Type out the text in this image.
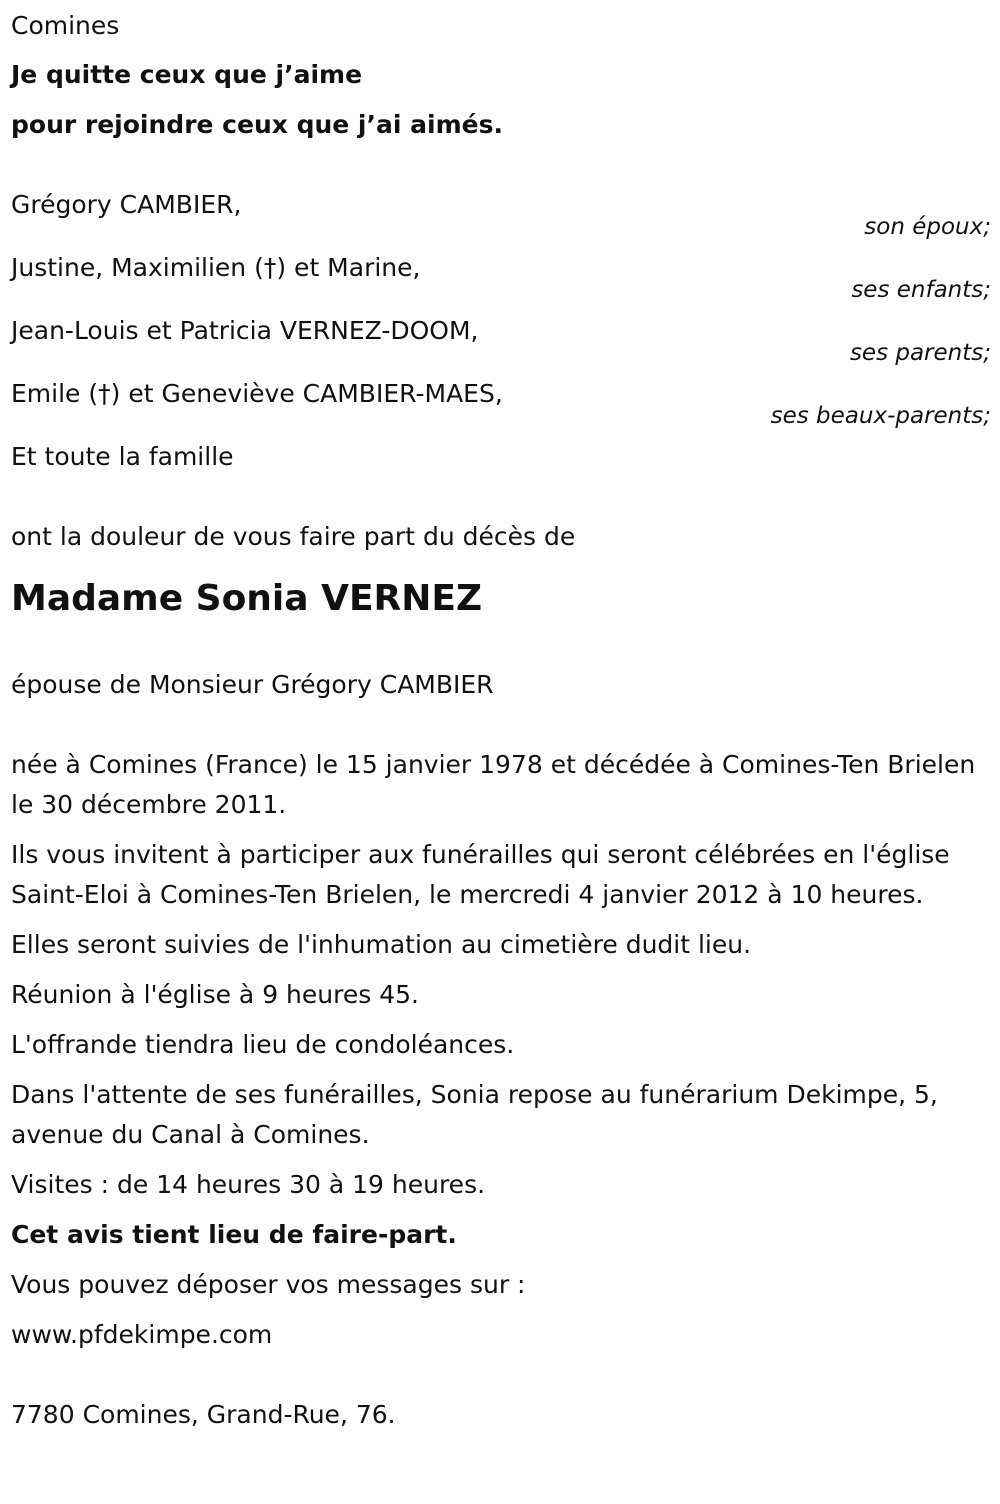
Comines
Je quitte ceux que j’aime
pour rejoindre ceux que j’ai aimés.
Grégory CAMBIER,
son époux;
Justine, Maximilien (†) et Marine,
ses enfants;
Jean-Louis et Patricia VERNEZ-DOOM,
ses parents;
Emile (†) et Geneviève CAMBIER-MAES,
ses beaux-parents;
Et toute la famille
ont la douleur de vous faire part du décès de
Madame Sonia VERNEZ
épouse de Monsieur Grégory CAMBIER
née à Comines (France) le 15 janvier 1978 et décédée à Comines-Ten Brielen le 30 décembre 2011.
Ils vous invitent à participer aux funérailles qui seront célébrées en l'église Saint-Eloi à Comines-Ten Brielen, le mercredi 4 janvier 2012 à 10 heures.
Elles seront suivies de l'inhumation au cimetière dudit lieu.
Réunion à l'église à 9 heures 45.
L'offrande tiendra lieu de condoléances.
Dans l'attente de ses funérailles, Sonia repose au funérarium Dekimpe, 5, avenue du Canal à Comines.
Visites : de 14 heures 30 à 19 heures.
Cet avis tient lieu de faire-part.
Vous pouvez déposer vos messages sur :
www.pfdekimpe.com
7780 Comines, Grand-Rue, 76.
